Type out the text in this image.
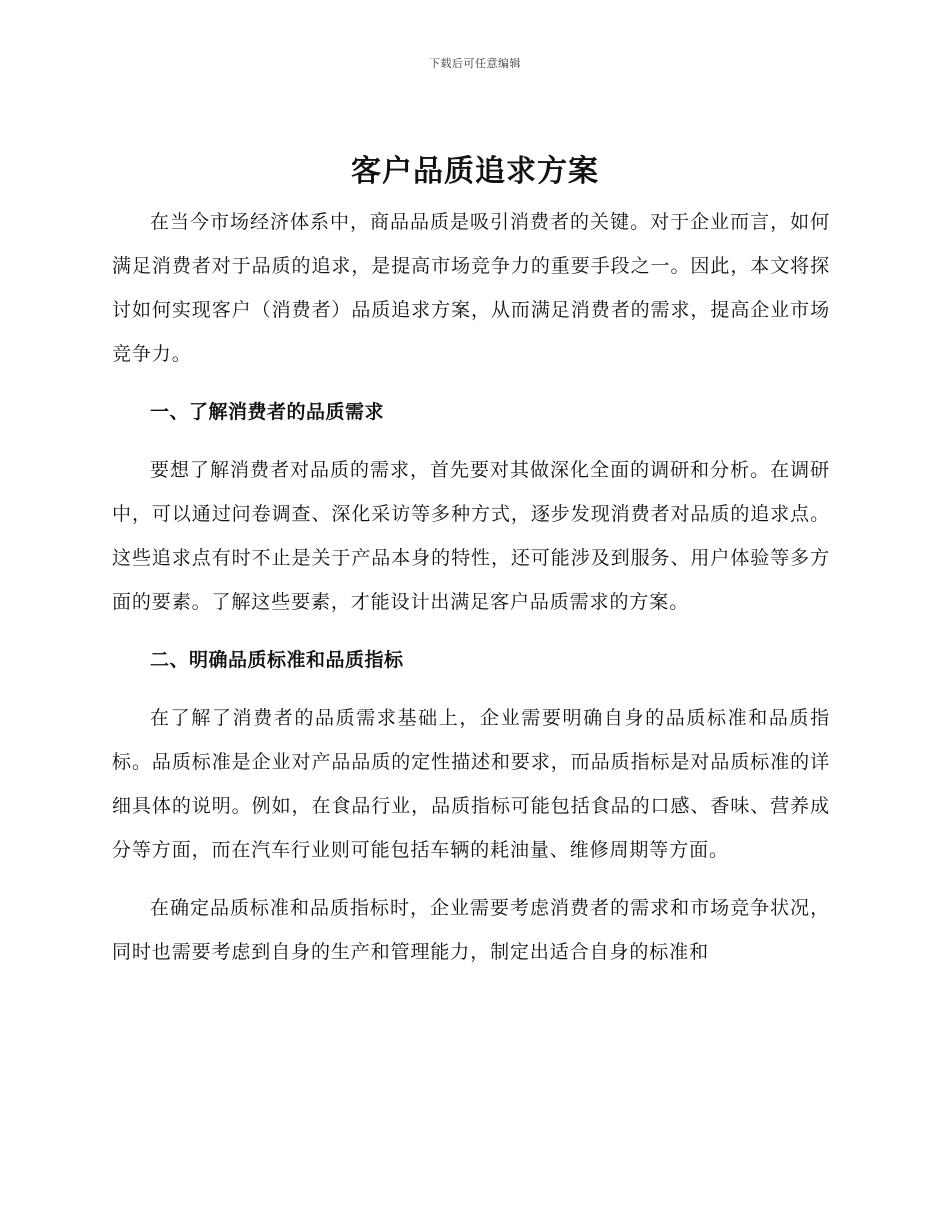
下载后可任意编辑
客户品质追求方案

在当今市场经济体系中，商品品质是吸引消费者的关键。对于企业而言，如何满足消费者对于品质的追求，是提高市场竞争力的重要手段之一。因此，本文将探讨如何实现客户（消费者）品质追求方案，从而满足消费者的需求，提高企业市场竞争力。

一、了解消费者的品质需求

要想了解消费者对品质的需求，首先要对其做深化全面的调研和分析。在调研中，可以通过问卷调查、深化采访等多种方式，逐步发现消费者对品质的追求点。这些追求点有时不止是关于产品本身的特性，还可能涉及到服务、用户体验等多方面的要素。了解这些要素，才能设计出满足客户品质需求的方案。

二、明确品质标准和品质指标

在了解了消费者的品质需求基础上，企业需要明确自身的品质标准和品质指标。品质标准是企业对产品品质的定性描述和要求，而品质指标是对品质标准的详细具体的说明。例如，在食品行业，品质指标可能包括食品的口感、香味、营养成分等方面，而在汽车行业则可能包括车辆的耗油量、维修周期等方面。

在确定品质标准和品质指标时，企业需要考虑消费者的需求和市场竞争状况，同时也需要考虑到自身的生产和管理能力，制定出适合自身的标准和
